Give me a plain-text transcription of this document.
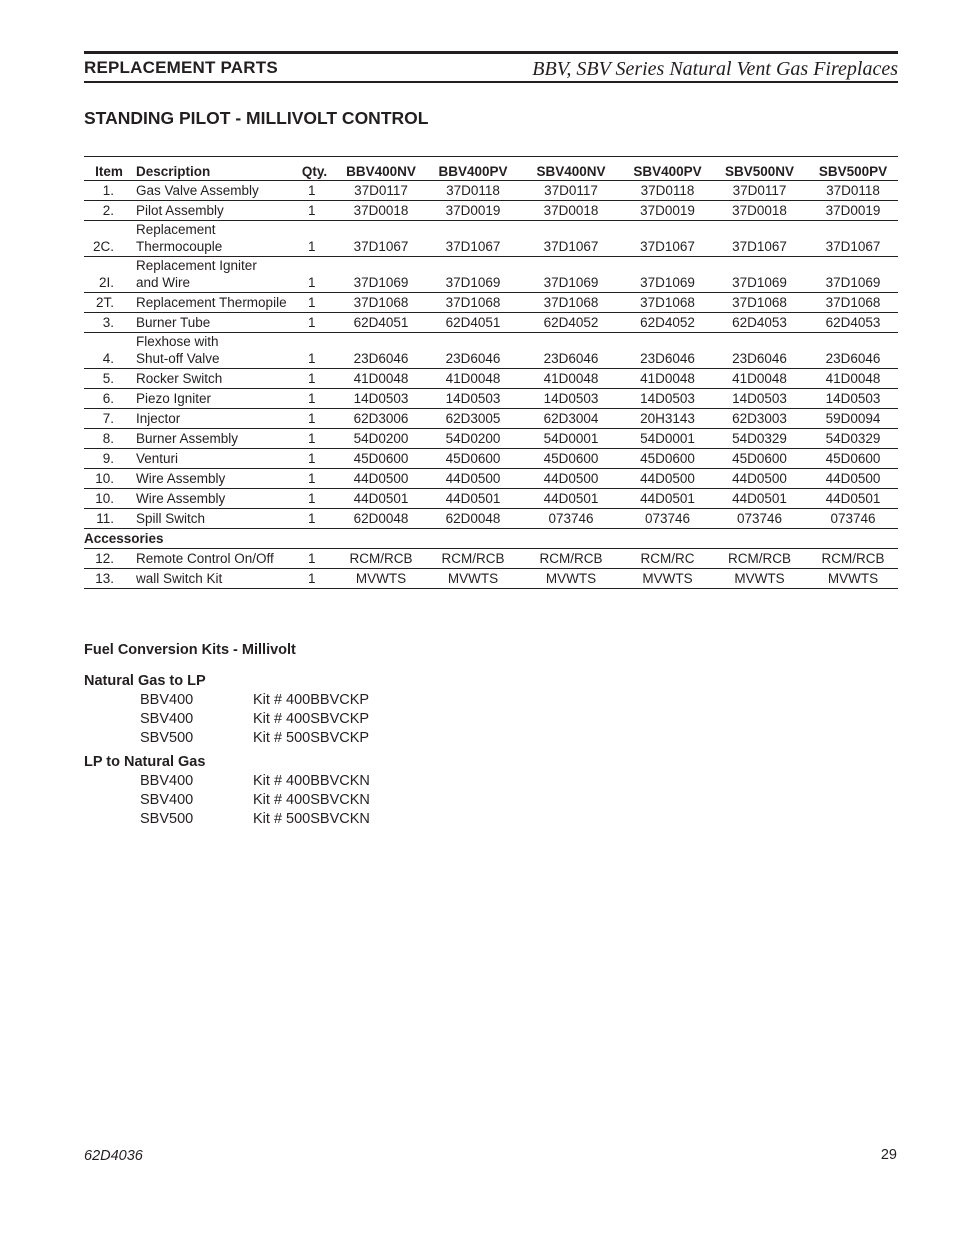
REPLACEMENT PARTS	BBV, SBV Series Natural Vent Gas Fireplaces
STANDING PILOT - MILLIVOLT CONTROL
Item	Description	Qty.	BBV400NV	BBV400PV	SBV400NV	SBV400PV	SBV500NV	SBV500PV
1.	Gas Valve Assembly	1	37D0117	37D0118	37D0117	37D0118	37D0117	37D0118
2.	Pilot Assembly	1	37D0018	37D0019	37D0018	37D0019	37D0018	37D0019
2C.	Replacement
Thermocouple	1	37D1067	37D1067	37D1067	37D1067	37D1067	37D1067
2I.	Replacement Igniter
and Wire	1	37D1069	37D1069	37D1069	37D1069	37D1069	37D1069
2T.	Replacement Thermopile	1	37D1068	37D1068	37D1068	37D1068	37D1068	37D1068
3.	Burner Tube	1	62D4051	62D4051	62D4052	62D4052	62D4053	62D4053
4.	Flexhose with
Shut-off Valve	1	23D6046	23D6046	23D6046	23D6046	23D6046	23D6046
5.	Rocker Switch	1	41D0048	41D0048	41D0048	41D0048	41D0048	41D0048
6.	Piezo Igniter	1	14D0503	14D0503	14D0503	14D0503	14D0503	14D0503
7.	Injector	1	62D3006	62D3005	62D3004	20H3143	62D3003	59D0094
8.	Burner Assembly	1	54D0200	54D0200	54D0001	54D0001	54D0329	54D0329
9.	Venturi	1	45D0600	45D0600	45D0600	45D0600	45D0600	45D0600
10.	Wire Assembly	1	44D0500	44D0500	44D0500	44D0500	44D0500	44D0500
10.	Wire Assembly	1	44D0501	44D0501	44D0501	44D0501	44D0501	44D0501
11.	Spill Switch	1	62D0048	62D0048	073746	073746	073746	073746
Accessories								
12.	Remote Control On/Off	1	RCM/RCB	RCM/RCB	RCM/RCB	RCM/RC	RCM/RCB	RCM/RCB
13.	wall Switch Kit	1	MVWTS	MVWTS	MVWTS	MVWTS	MVWTS	MVWTS
Fuel Conversion Kits - Millivolt
Natural Gas to LP
BBV400	Kit # 400BBVCKP
SBV400	Kit # 400SBVCKP
SBV500	Kit # 500SBVCKP
LP to Natural Gas
BBV400	Kit # 400BBVCKN
SBV400	Kit # 400SBVCKN
SBV500	Kit # 500SBVCKN
62D4036	29
